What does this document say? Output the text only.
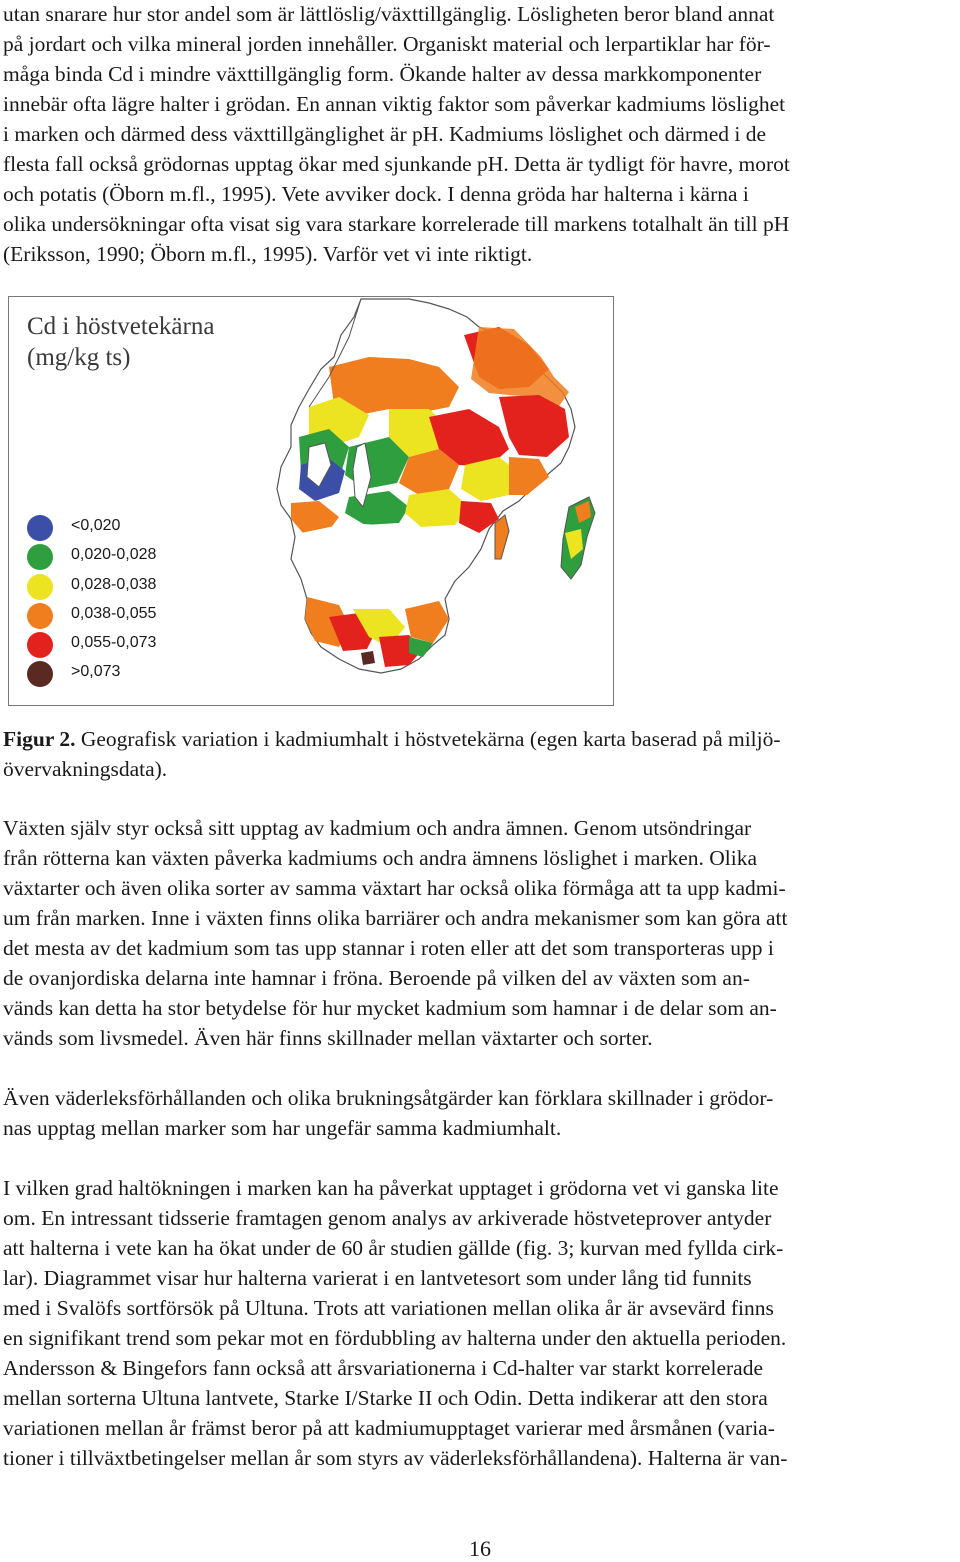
utan snarare hur stor andel som är lättlöslig/växttillgänglig. Lösligheten beror bland annat
på jordart och vilka mineral jorden innehåller. Organiskt material och lerpartiklar har för-
måga binda Cd i mindre växttillgänglig form. Ökande halter av dessa markkomponenter
innebär ofta lägre halter i grödan. En annan viktig faktor som påverkar kadmiums löslighet
i marken och därmed dess växttillgänglighet är pH. Kadmiums löslighet och därmed i de
flesta fall också grödornas upptag ökar med sjunkande pH. Detta är tydligt för havre, morot
och potatis (Öborn m.fl., 1995). Vete avviker dock. I denna gröda har halterna i kärna i
olika undersökningar ofta visat sig vara starkare korrelerade till markens totalhalt än till pH
(Eriksson, 1990; Öborn m.fl., 1995). Varför vet vi inte riktigt.

Cd i höstvetekärna
(mg/kg ts)
<0,020
0,020-0,028
0,028-0,038
0,038-0,055
0,055-0,073
>0,073

Figur 2. Geografisk variation i kadmiumhalt i höstvetekärna (egen karta baserad på miljö-
övervakningsdata).

Växten själv styr också sitt upptag av kadmium och andra ämnen. Genom utsöndringar
från rötterna kan växten påverka kadmiums och andra ämnens löslighet i marken. Olika
växtarter och även olika sorter av samma växtart har också olika förmåga att ta upp kadmi-
um från marken. Inne i växten finns olika barriärer och andra mekanismer som kan göra att
det mesta av det kadmium som tas upp stannar i roten eller att det som transporteras upp i
de ovanjordiska delarna inte hamnar i fröna. Beroende på vilken del av växten som an-
vänds kan detta ha stor betydelse för hur mycket kadmium som hamnar i de delar som an-
vänds som livsmedel. Även här finns skillnader mellan växtarter och sorter.

Även väderleksförhållanden och olika brukningsåtgärder kan förklara skillnader i grödor-
nas upptag mellan marker som har ungefär samma kadmiumhalt.

I vilken grad haltökningen i marken kan ha påverkat upptaget i grödorna vet vi ganska lite
om. En intressant tidsserie framtagen genom analys av arkiverade höstveteprover antyder
att halterna i vete kan ha ökat under de 60 år studien gällde (fig. 3; kurvan med fyllda cirk-
lar). Diagrammet visar hur halterna varierat i en lantvetesort som under lång tid funnits
med i Svalöfs sortförsök på Ultuna. Trots att variationen mellan olika år är avsevärd finns
en signifikant trend som pekar mot en fördubbling av halterna under den aktuella perioden.
Andersson & Bingefors fann också att årsvariationerna i Cd-halter var starkt korrelerade
mellan sorterna Ultuna lantvete, Starke I/Starke II och Odin. Detta indikerar att den stora
variationen mellan år främst beror på att kadmiumupptaget varierar med årsmånen (varia-
tioner i tillväxtbetingelser mellan år som styrs av väderleksförhållandena). Halterna är van-

16
